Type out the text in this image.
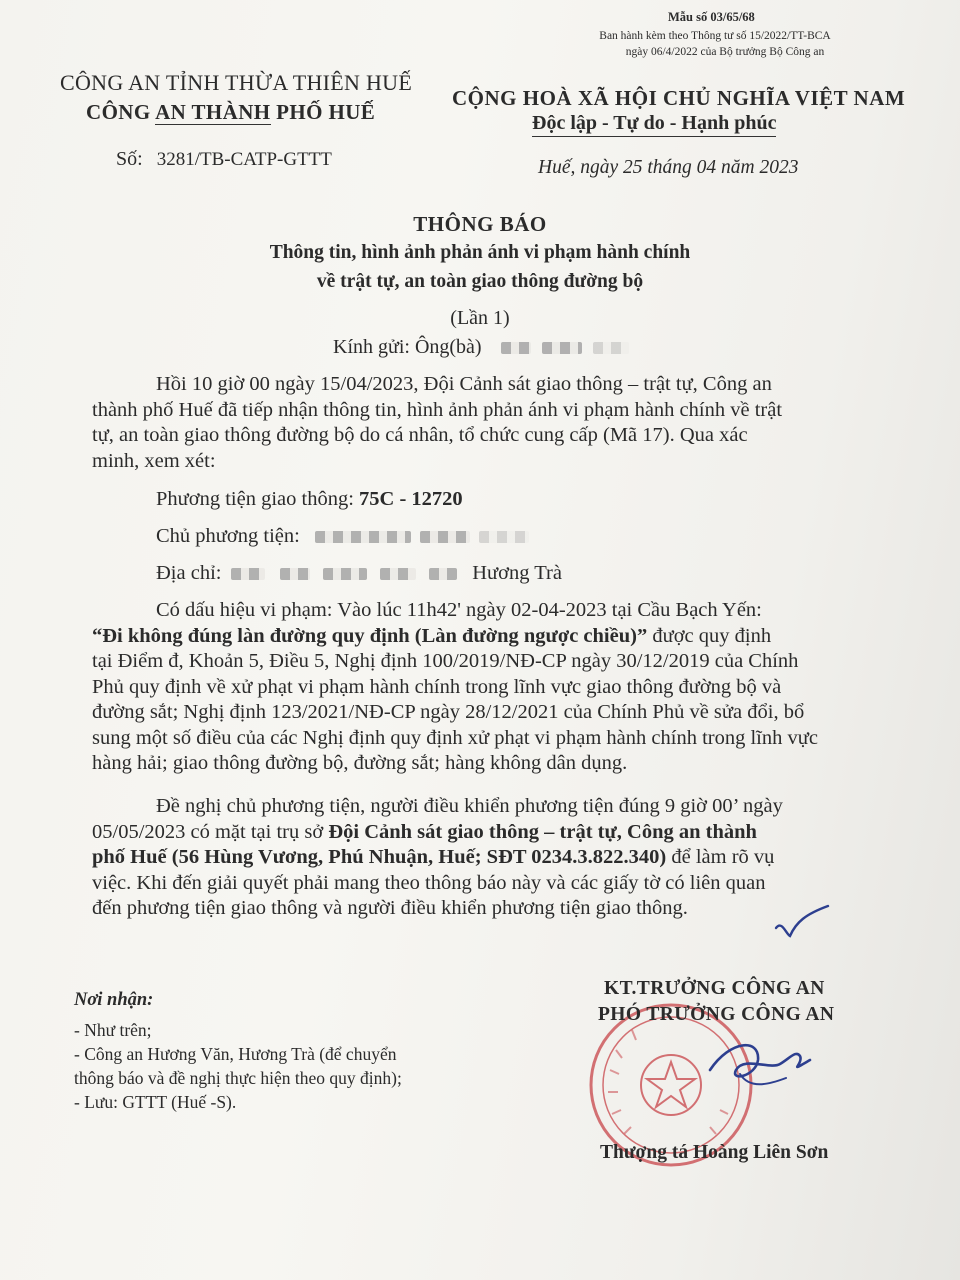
Mẫu số 03/65/68
Ban hành kèm theo Thông tư số 15/2022/TT-BCA
ngày 06/4/2022 của Bộ trưởng Bộ Công an
CÔNG AN TỈNH THỪA THIÊN HUẾ
CÔNG AN THÀNH PHỐ HUẾ
CỘNG HOÀ XÃ HỘI CHỦ NGHĨA VIỆT NAM
Độc lập - Tự do - Hạnh phúc
Số: 3281/TB-CATP-GTTT	Huế, ngày 25 tháng 04 năm 2023
THÔNG BÁO
Thông tin, hình ảnh phản ánh vi phạm hành chính
về trật tự, an toàn giao thông đường bộ
(Lần 1)
Kính gửi: Ông(bà)
Hồi 10 giờ 00 ngày 15/04/2023, Đội Cảnh sát giao thông – trật tự, Công an
thành phố Huế đã tiếp nhận thông tin, hình ảnh phản ánh vi phạm hành chính về trật
tự, an toàn giao thông đường bộ do cá nhân, tổ chức cung cấp (Mã 17). Qua xác
minh, xem xét:
Phương tiện giao thông: 75C - 12720
Chủ phương tiện:
Địa chỉ:	Hương Trà
Có dấu hiệu vi phạm: Vào lúc 11h42' ngày 02-04-2023 tại Cầu Bạch Yến:
“Đi không đúng làn đường quy định (Làn đường ngược chiều)” được quy định
tại Điểm đ, Khoản 5, Điều 5, Nghị định 100/2019/NĐ-CP ngày 30/12/2019 của Chính
Phủ quy định về xử phạt vi phạm hành chính trong lĩnh vực giao thông đường bộ và
đường sắt; Nghị định 123/2021/NĐ-CP ngày 28/12/2021 của Chính Phủ về sửa đổi, bổ
sung một số điều của các Nghị định quy định xử phạt vi phạm hành chính trong lĩnh vực
hàng hải; giao thông đường bộ, đường sắt; hàng không dân dụng.
Đề nghị chủ phương tiện, người điều khiển phương tiện đúng 9 giờ 00’ ngày
05/05/2023 có mặt tại trụ sở Đội Cảnh sát giao thông – trật tự, Công an thành
phố Huế (56 Hùng Vương, Phú Nhuận, Huế; SĐT 0234.3.822.340) để làm rõ vụ
việc. Khi đến giải quyết phải mang theo thông báo này và các giấy tờ có liên quan
đến phương tiện giao thông và người điều khiển phương tiện giao thông.
Nơi nhận:
- Như trên;
- Công an Hương Văn, Hương Trà (để chuyển
thông báo và đề nghị thực hiện theo quy định);
- Lưu: GTTT (Huế -S).
KT.TRƯỞNG CÔNG AN
PHÓ TRƯỞNG CÔNG AN
Thượng tá Hoàng Liên Sơn
